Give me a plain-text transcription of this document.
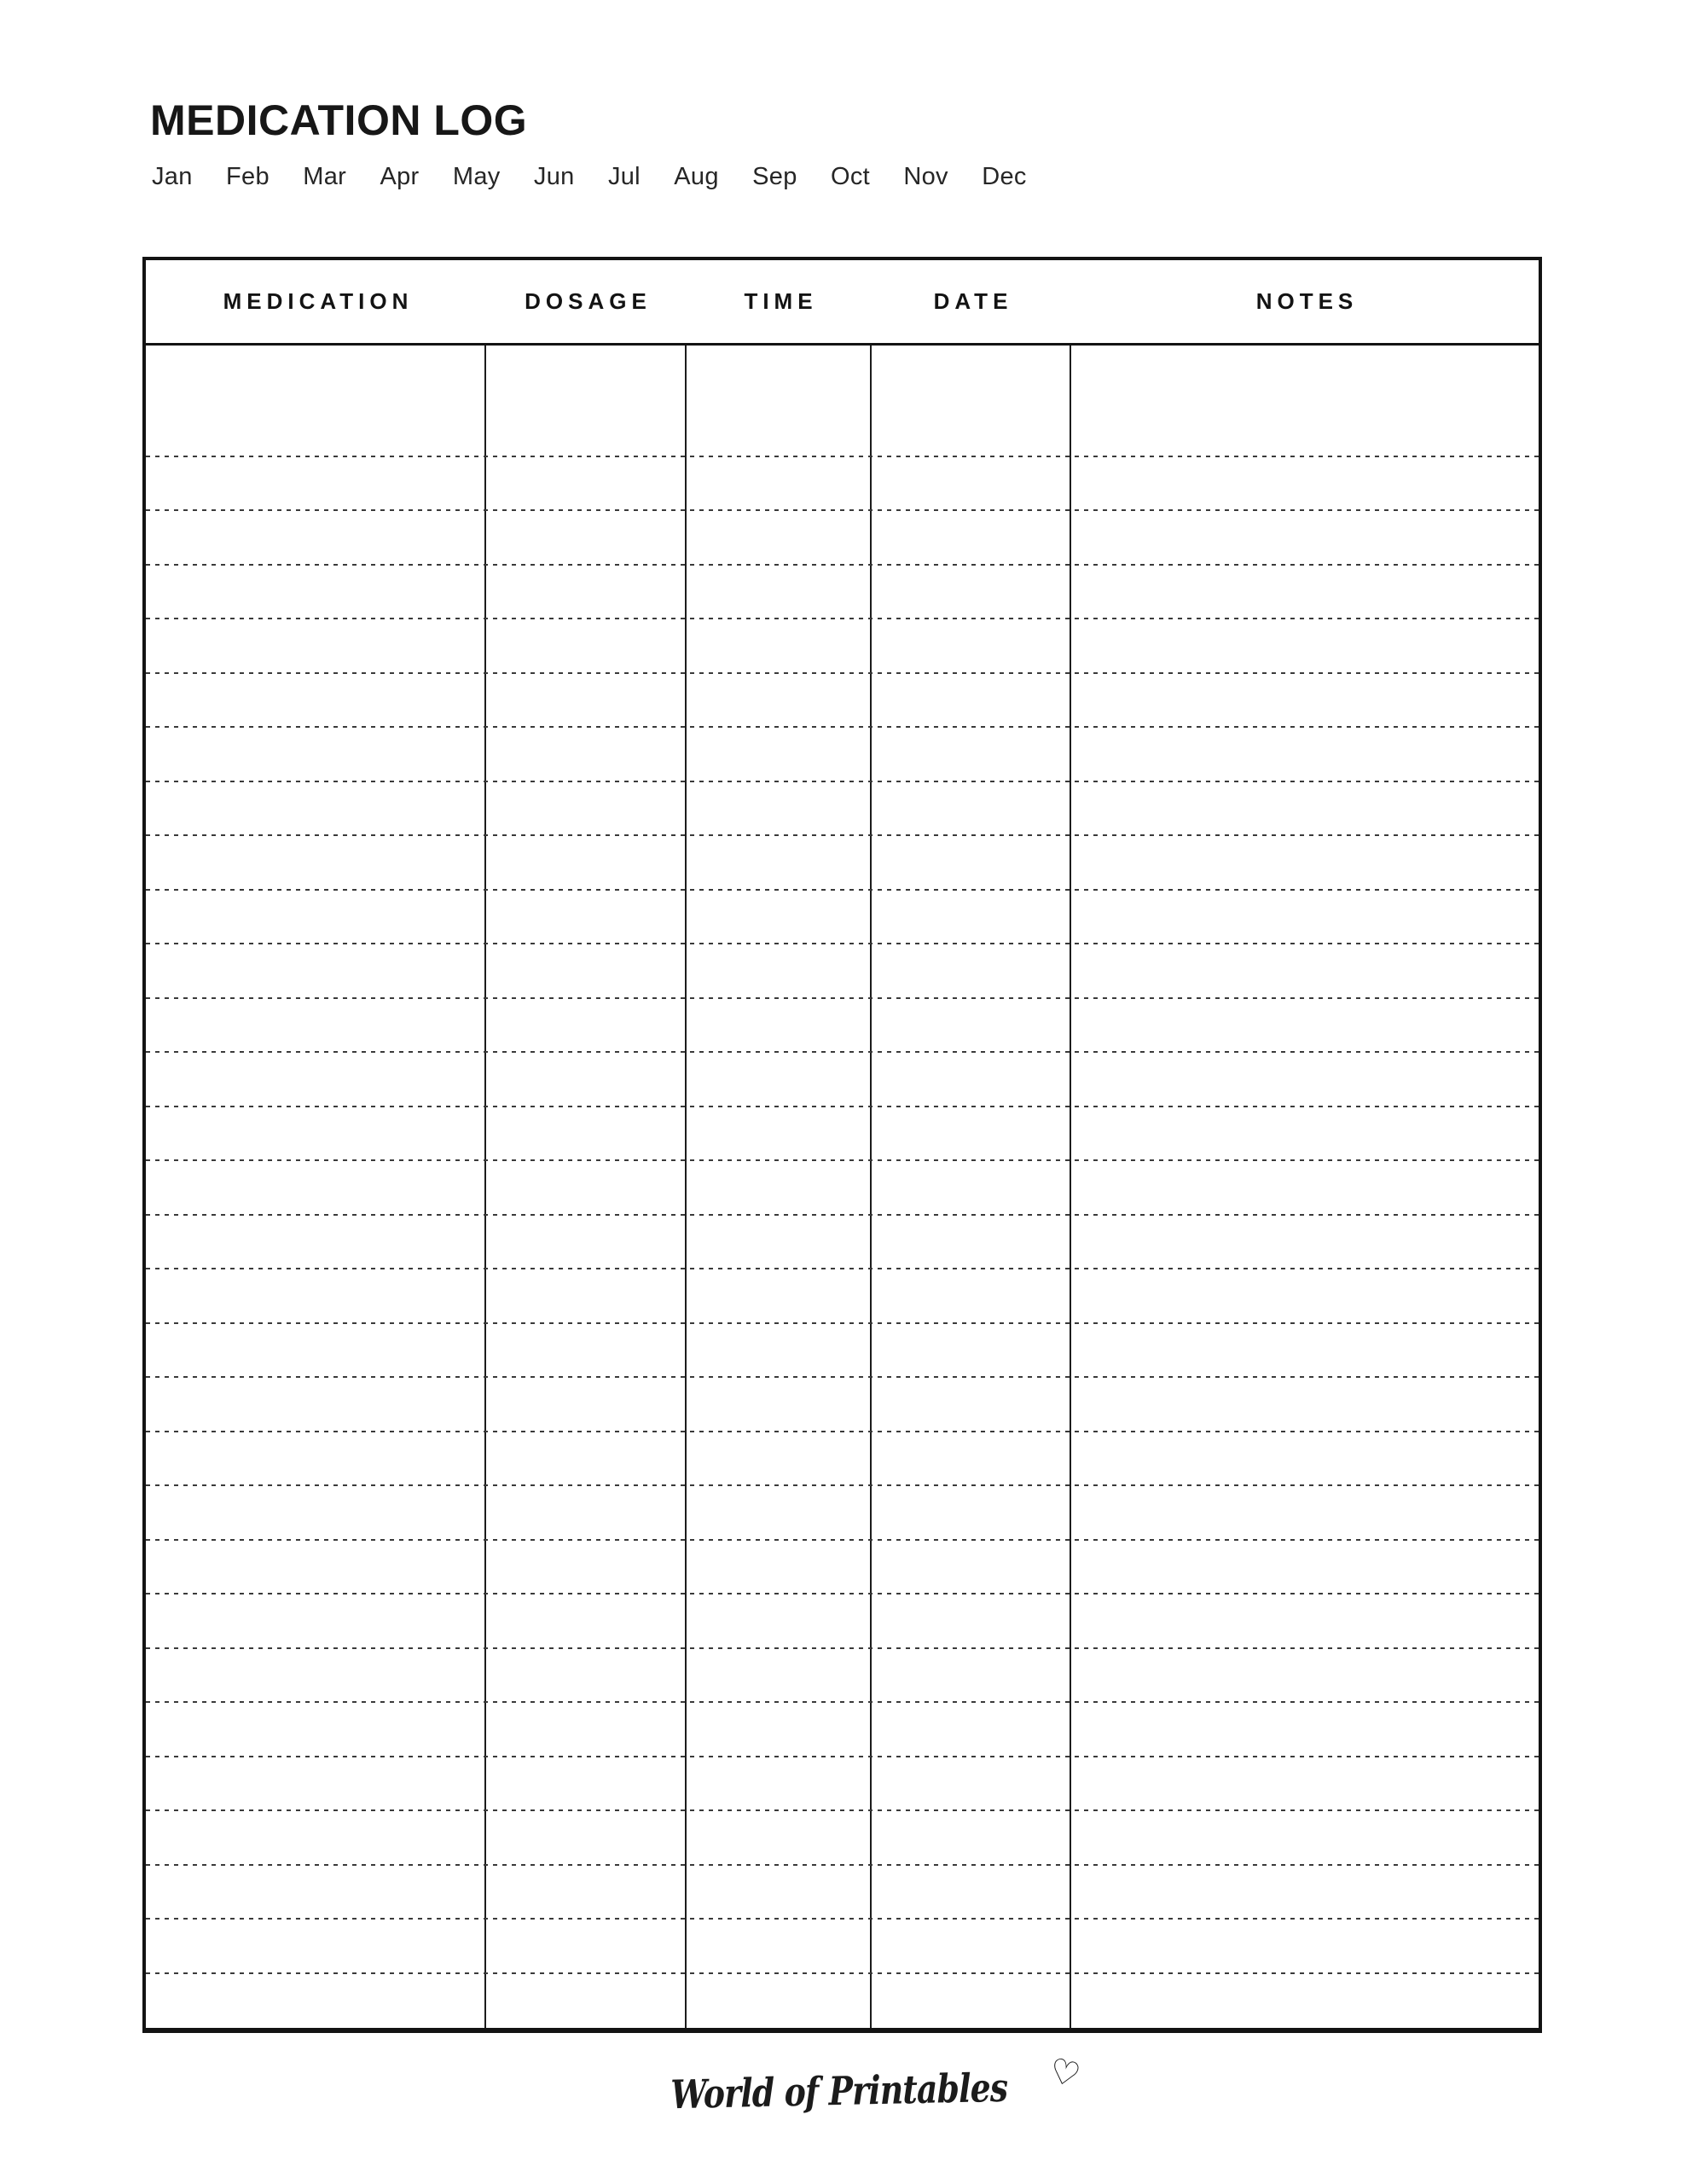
MEDICATION LOG
Jan Feb Mar Apr May Jun Jul Aug Sep Oct Nov Dec
MEDICATION	DOSAGE	TIME	DATE	NOTES
World of Printables ♡
